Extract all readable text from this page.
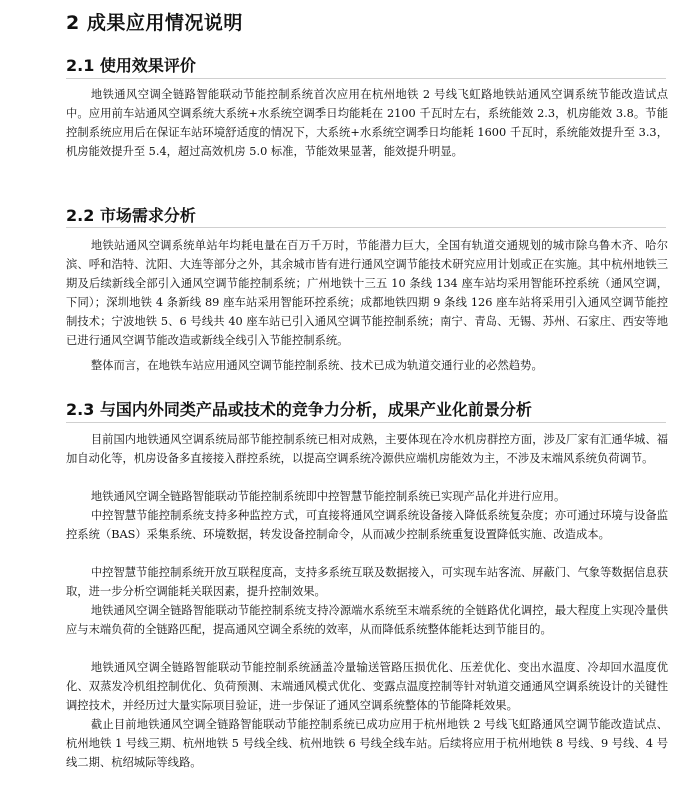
​
2 成果应用情况说明
2.1 使用效果评价

地铁通风空调全链路智能联动节能控制系统首次应用在杭州地铁 2 号线飞虹路地铁站通风空调系统节能改造试点中。应用前车站通风空调系统大系统+水系统空调季日均能耗在 2100 千瓦时左右，系统能效 2.3，机房能效 3.8。节能控制系统应用后在保证车站环境舒适度的情况下，大系统+水系统空调季日均能耗 1600 千瓦时，系统能效提升至 3.3，机房能效提升至 5.4，超过高效机房 5.0 标准，节能效果显著，能效提升明显。

2.2 市场需求分析

地铁站通风空调系统单站年均耗电量在百万千万时，节能潜力巨大，全国有轨道交通规划的城市除乌鲁木齐、哈尔滨、呼和浩特、沈阳、大连等部分之外，其余城市皆有进行通风空调节能技术研究应用计划或正在实施。其中杭州地铁三期及后续新线全部引入通风空调节能控制系统；广州地铁十三五 10 条线 134 座车站均采用智能环控系统（通风空调，下同）；深圳地铁 4 条新线 89 座车站采用智能环控系统；成都地铁四期 9 条线 126 座车站将采用引入通风空调节能控制技术；宁波地铁 5、6 号线共 40 座车站已引入通风空调节能控制系统；南宁、青岛、无锡、苏州、石家庄、西安等地已进行通风空调节能改造或新线全线引入节能控制系统。

整体而言，在地铁车站应用通风空调节能控制系统、技术已成为轨道交通行业的必然趋势。

2.3 与国内外同类产品或技术的竞争力分析，成果产业化前景分析

目前国内地铁通风空调系统局部节能控制系统已相对成熟，主要体现在冷水机房群控方面，涉及厂家有汇通华城、福加自动化等，机房设备多直接接入群控系统，以提高空调系统冷源供应端机房能效为主，不涉及末端风系统负荷调节。

地铁通风空调全链路智能联动节能控制系统即中控智慧节能控制系统已实现产品化并进行应用。

中控智慧节能控制系统支持多种监控方式，可直接将通风空调系统设备接入降低系统复杂度；亦可通过环境与设备监控系统（BAS）采集系统、环境数据，转发设备控制命令，从而减少控制系统重复设置降低实施、改造成本。

中控智慧节能控制系统开放互联程度高，支持多系统互联及数据接入，可实现车站客流、屏蔽门、气象等数据信息获取，进一步分析空调能耗关联因素，提升控制效果。

地铁通风空调全链路智能联动节能控制系统支持冷源端水系统至末端系统的全链路优化调控，最大程度上实现冷量供应与末端负荷的全链路匹配，提高通风空调全系统的效率，从而降低系统整体能耗达到节能目的。

地铁通风空调全链路智能联动节能控制系统涵盖冷量输送管路压损优化、压差优化、变出水温度、冷却回水温度优化、双蒸发冷机组控制优化、负荷预测、末端通风模式优化、变露点温度控制等针对轨道交通通风空调系统设计的关键性调控技术，并经历过大量实际项目验证，进一步保证了通风空调系统整体的节能降耗效果。

截止目前地铁通风空调全链路智能联动节能控制系统已成功应用于杭州地铁 2 号线飞虹路通风空调节能改造试点、杭州地铁 1 号线三期、杭州地铁 5 号线全线、杭州地铁 6 号线全线车站。后续将应用于杭州地铁 8 号线、9 号线、4 号线二期、杭绍城际等线路。
